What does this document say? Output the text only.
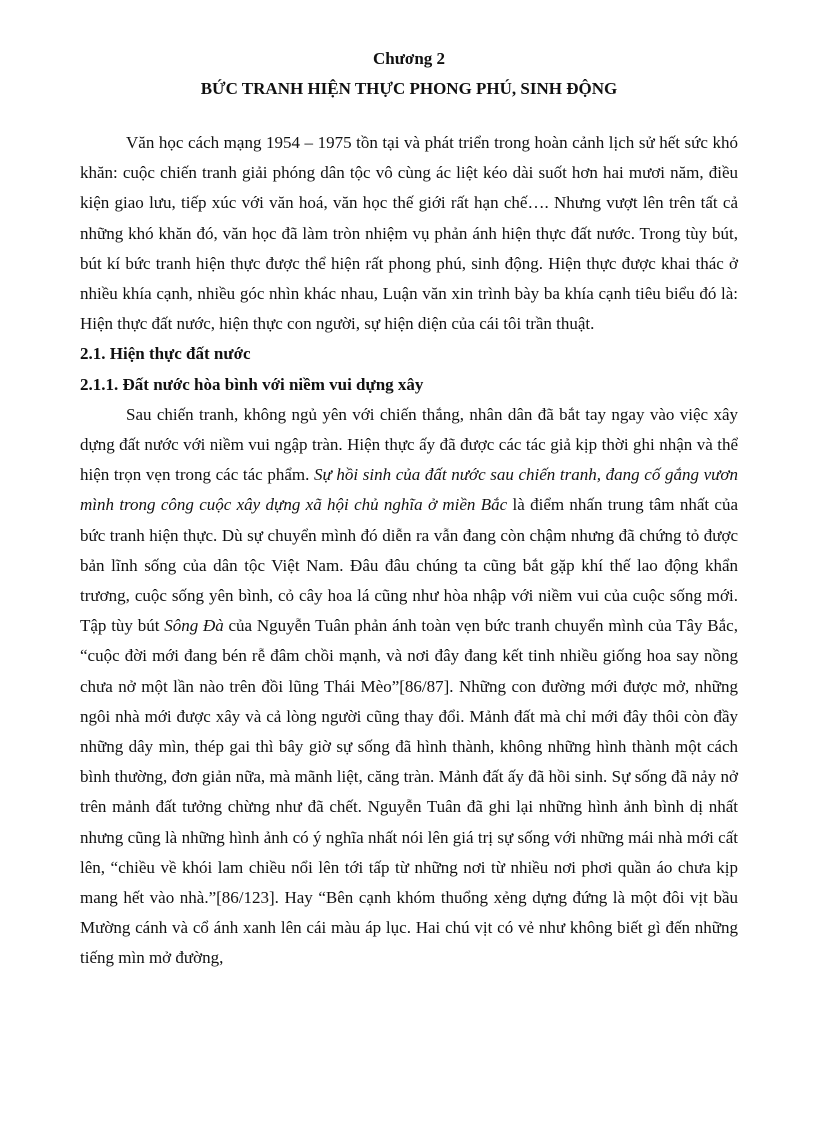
Chương 2

BỨC TRANH HIỆN THỰC PHONG PHÚ, SINH ĐỘNG

Văn học cách mạng 1954 – 1975 tồn tại và phát triển trong hoàn cảnh lịch sử hết sức khó khăn: cuộc chiến tranh giải phóng dân tộc vô cùng ác liệt kéo dài suốt hơn hai mươi năm, điều kiện giao lưu, tiếp xúc với văn hoá, văn học thế giới rất hạn chế…. Nhưng vượt lên trên tất cả những khó khăn đó, văn học đã làm tròn nhiệm vụ phản ánh hiện thực đất nước. Trong tùy bút, bút kí bức tranh hiện thực được thể hiện rất phong phú, sinh động. Hiện thực được khai thác ở nhiều khía cạnh, nhiều góc nhìn khác nhau, Luận văn xin trình bày ba khía cạnh tiêu biểu đó là: Hiện thực đất nước, hiện thực con người, sự hiện diện của cái tôi trần thuật.

2.1. Hiện thực đất nước

2.1.1. Đất nước hòa bình với niềm vui dựng xây

Sau chiến tranh, không ngủ yên với chiến thắng, nhân dân đã bắt tay ngay vào việc xây dựng đất nước với niềm vui ngập tràn. Hiện thực ấy đã được các tác giả kịp thời ghi nhận và thể hiện trọn vẹn trong các tác phẩm. Sự hồi sinh của đất nước sau chiến tranh, đang cố gắng vươn mình trong công cuộc xây dựng xã hội chủ nghĩa ở miền Bắc là điểm nhấn trung tâm nhất của bức tranh hiện thực. Dù sự chuyển mình đó diễn ra vẫn đang còn chậm nhưng đã chứng tỏ được bản lĩnh sống của dân tộc Việt Nam. Đâu đâu chúng ta cũng bắt gặp khí thế lao động khẩn trương, cuộc sống yên bình, cỏ cây hoa lá cũng như hòa nhập với niềm vui của cuộc sống mới. Tập tùy bút Sông Đà của Nguyễn Tuân phản ánh toàn vẹn bức tranh chuyển mình của Tây Bắc, “cuộc đời mới đang bén rễ đâm chồi mạnh, và nơi đây đang kết tinh nhiều giống hoa say nồng chưa nở một lần nào trên đồi lũng Thái Mèo”[86/87]. Những con đường mới được mở, những ngôi nhà mới được xây và cả lòng người cũng thay đổi. Mảnh đất mà chỉ mới đây thôi còn đầy những dây mìn, thép gai thì bây giờ sự sống đã hình thành, không những hình thành một cách bình thường, đơn giản nữa, mà mãnh liệt, căng tràn. Mảnh đất ấy đã hồi sinh. Sự sống đã nảy nở trên mảnh đất tưởng chừng như đã chết. Nguyễn Tuân đã ghi lại những hình ảnh bình dị nhất nhưng cũng là những hình ảnh có ý nghĩa nhất nói lên giá trị sự sống với những mái nhà mới cất lên, “chiều về khói lam chiều nổi lên tới tấp từ những nơi từ nhiều nơi phơi quần áo chưa kịp mang hết vào nhà.”[86/123]. Hay “Bên cạnh khóm thuổng xẻng dựng đứng là một đôi vịt bầu Mường cánh và cổ ánh xanh lên cái màu áp lục. Hai chú vịt có vẻ như không biết gì đến những tiếng mìn mở đường,
